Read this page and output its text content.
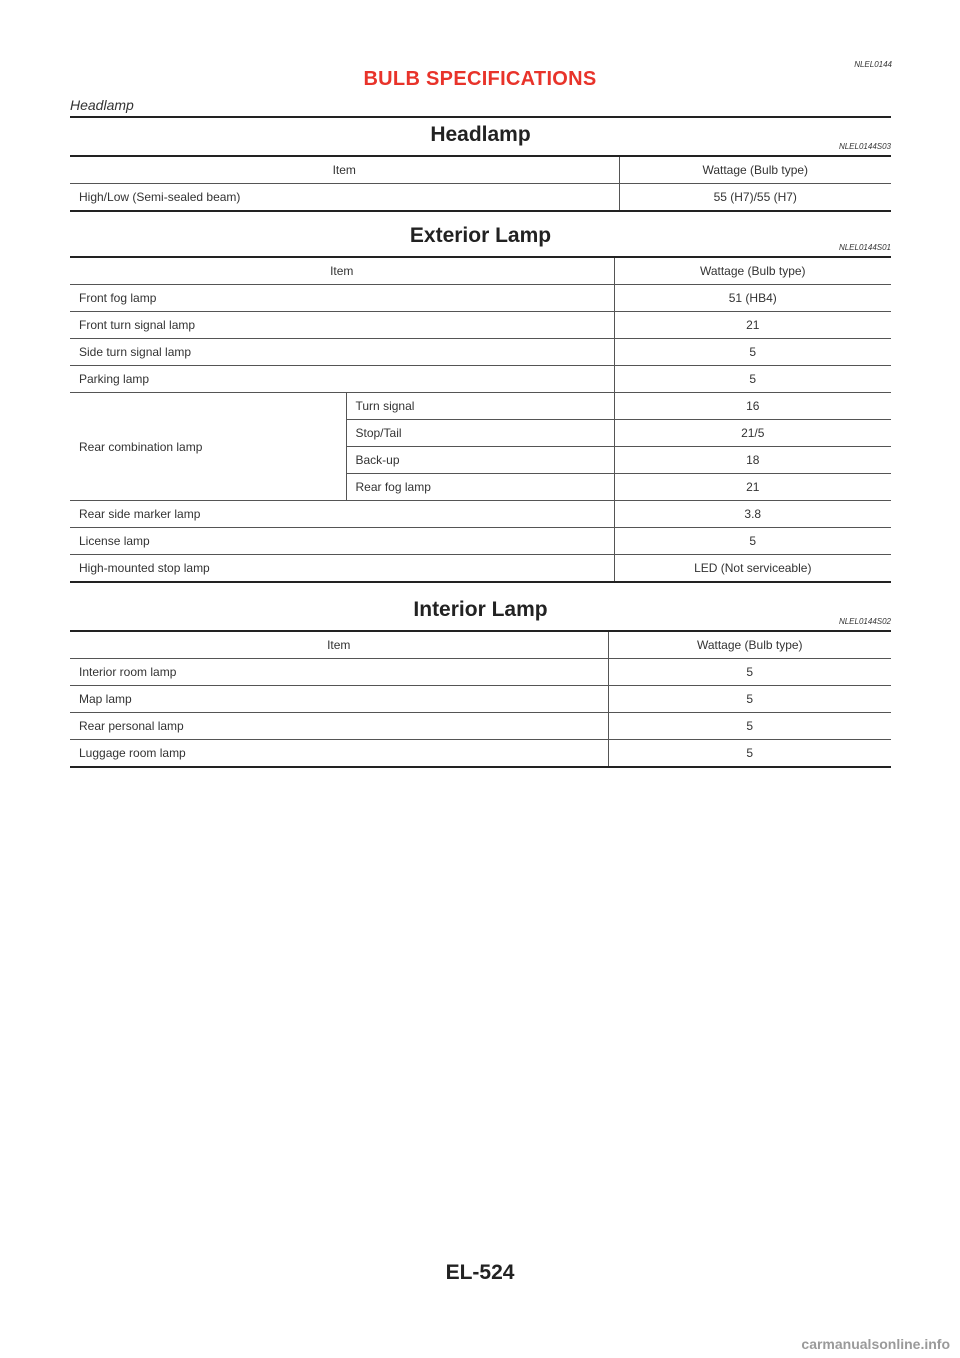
NLEL0144
BULB SPECIFICATIONS
Headlamp
Headlamp
NLEL0144S03
Item	Wattage (Bulb type)
High/Low (Semi-sealed beam)	55 (H7)/55 (H7)
Exterior Lamp
NLEL0144S01
Item		Wattage (Bulb type)
Front fog lamp		51 (HB4)
Front turn signal lamp		21
Side turn signal lamp		5
Parking lamp		5
Rear combination lamp	Turn signal	16
	Stop/Tail	21/5
	Back-up	18
	Rear fog lamp	21
Rear side marker lamp		3.8
License lamp		5
High-mounted stop lamp		LED (Not serviceable)
Interior Lamp
NLEL0144S02
Item	Wattage (Bulb type)
Interior room lamp	5
Map lamp	5
Rear personal lamp	5
Luggage room lamp	5
EL-524
carmanualsonline.info
